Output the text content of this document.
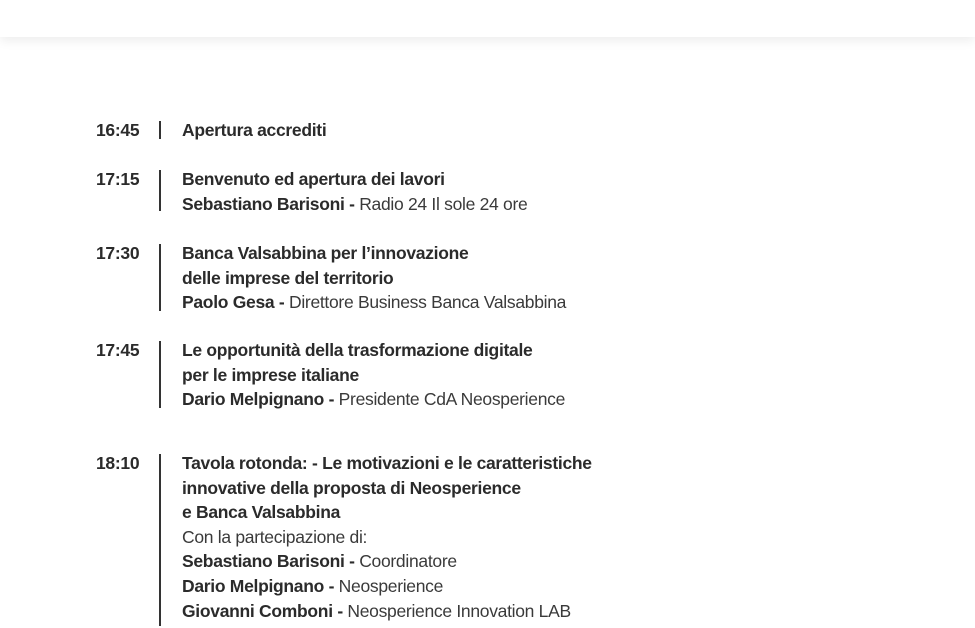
16:45	Apertura accrediti
17:15	Benvenuto ed apertura dei lavori
Sebastiano Barisoni - Radio 24 Il sole 24 ore
17:30	Banca Valsabbina per l’innovazione
delle imprese del territorio
Paolo Gesa - Direttore Business Banca Valsabbina
17:45	Le opportunità della trasformazione digitale
per le imprese italiane
Dario Melpignano - Presidente CdA Neosperience
18:10	Tavola rotonda: - Le motivazioni e le caratteristiche
innovative della proposta di Neosperience
e Banca Valsabbina
Con la partecipazione di:
Sebastiano Barisoni - Coordinatore
Dario Melpignano - Neosperience
Giovanni Comboni - Neosperience Innovation LAB
